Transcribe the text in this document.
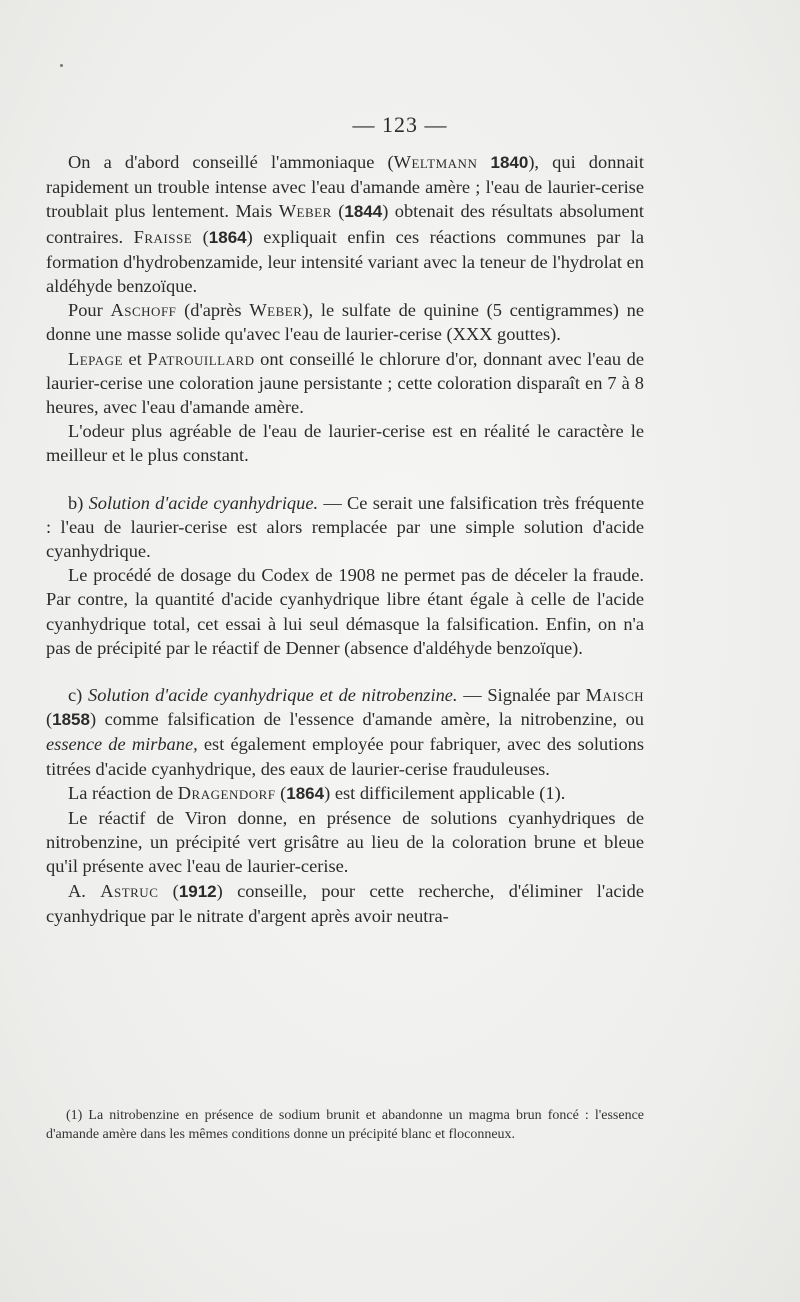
— 123 —

On a d'abord conseillé l'ammoniaque (Weltmann 1840), qui donnait rapidement un trouble intense avec l'eau d'amande amère ; l'eau de laurier-cerise troublait plus lentement. Mais Weber (1844) obtenait des résultats absolument contraires. Fraisse (1864) expliquait enfin ces réactions communes par la formation d'hydrobenzamide, leur intensité variant avec la teneur de l'hydrolat en aldéhyde benzoïque.

Pour Aschoff (d'après Weber), le sulfate de quinine (5 centigrammes) ne donne une masse solide qu'avec l'eau de laurier-cerise (XXX gouttes).

Lepage et Patrouillard ont conseillé le chlorure d'or, donnant avec l'eau de laurier-cerise une coloration jaune persistante ; cette coloration disparaît en 7 à 8 heures, avec l'eau d'amande amère.

L'odeur plus agréable de l'eau de laurier-cerise est en réalité le caractère le meilleur et le plus constant.

b) Solution d'acide cyanhydrique. — Ce serait une falsification très fréquente : l'eau de laurier-cerise est alors remplacée par une simple solution d'acide cyanhydrique.

Le procédé de dosage du Codex de 1908 ne permet pas de déceler la fraude. Par contre, la quantité d'acide cyanhydrique libre étant égale à celle de l'acide cyanhydrique total, cet essai à lui seul démasque la falsification. Enfin, on n'a pas de précipité par le réactif de Denner (absence d'aldéhyde benzoïque).

c) Solution d'acide cyanhydrique et de nitrobenzine. — Signalée par Maisch (1858) comme falsification de l'essence d'amande amère, la nitrobenzine, ou essence de mirbane, est également employée pour fabriquer, avec des solutions titrées d'acide cyanhydrique, des eaux de laurier-cerise frauduleuses.

La réaction de Dragendorf (1864) est difficilement applicable (1).

Le réactif de Viron donne, en présence de solutions cyanhydriques de nitrobenzine, un précipité vert grisâtre au lieu de la coloration brune et bleue qu'il présente avec l'eau de laurier-cerise.

A. Astruc (1912) conseille, pour cette recherche, d'éliminer l'acide cyanhydrique par le nitrate d'argent après avoir neutra-

(1) La nitrobenzine en présence de sodium brunit et abandonne un magma brun foncé : l'essence d'amande amère dans les mêmes conditions donne un précipité blanc et floconneux.
